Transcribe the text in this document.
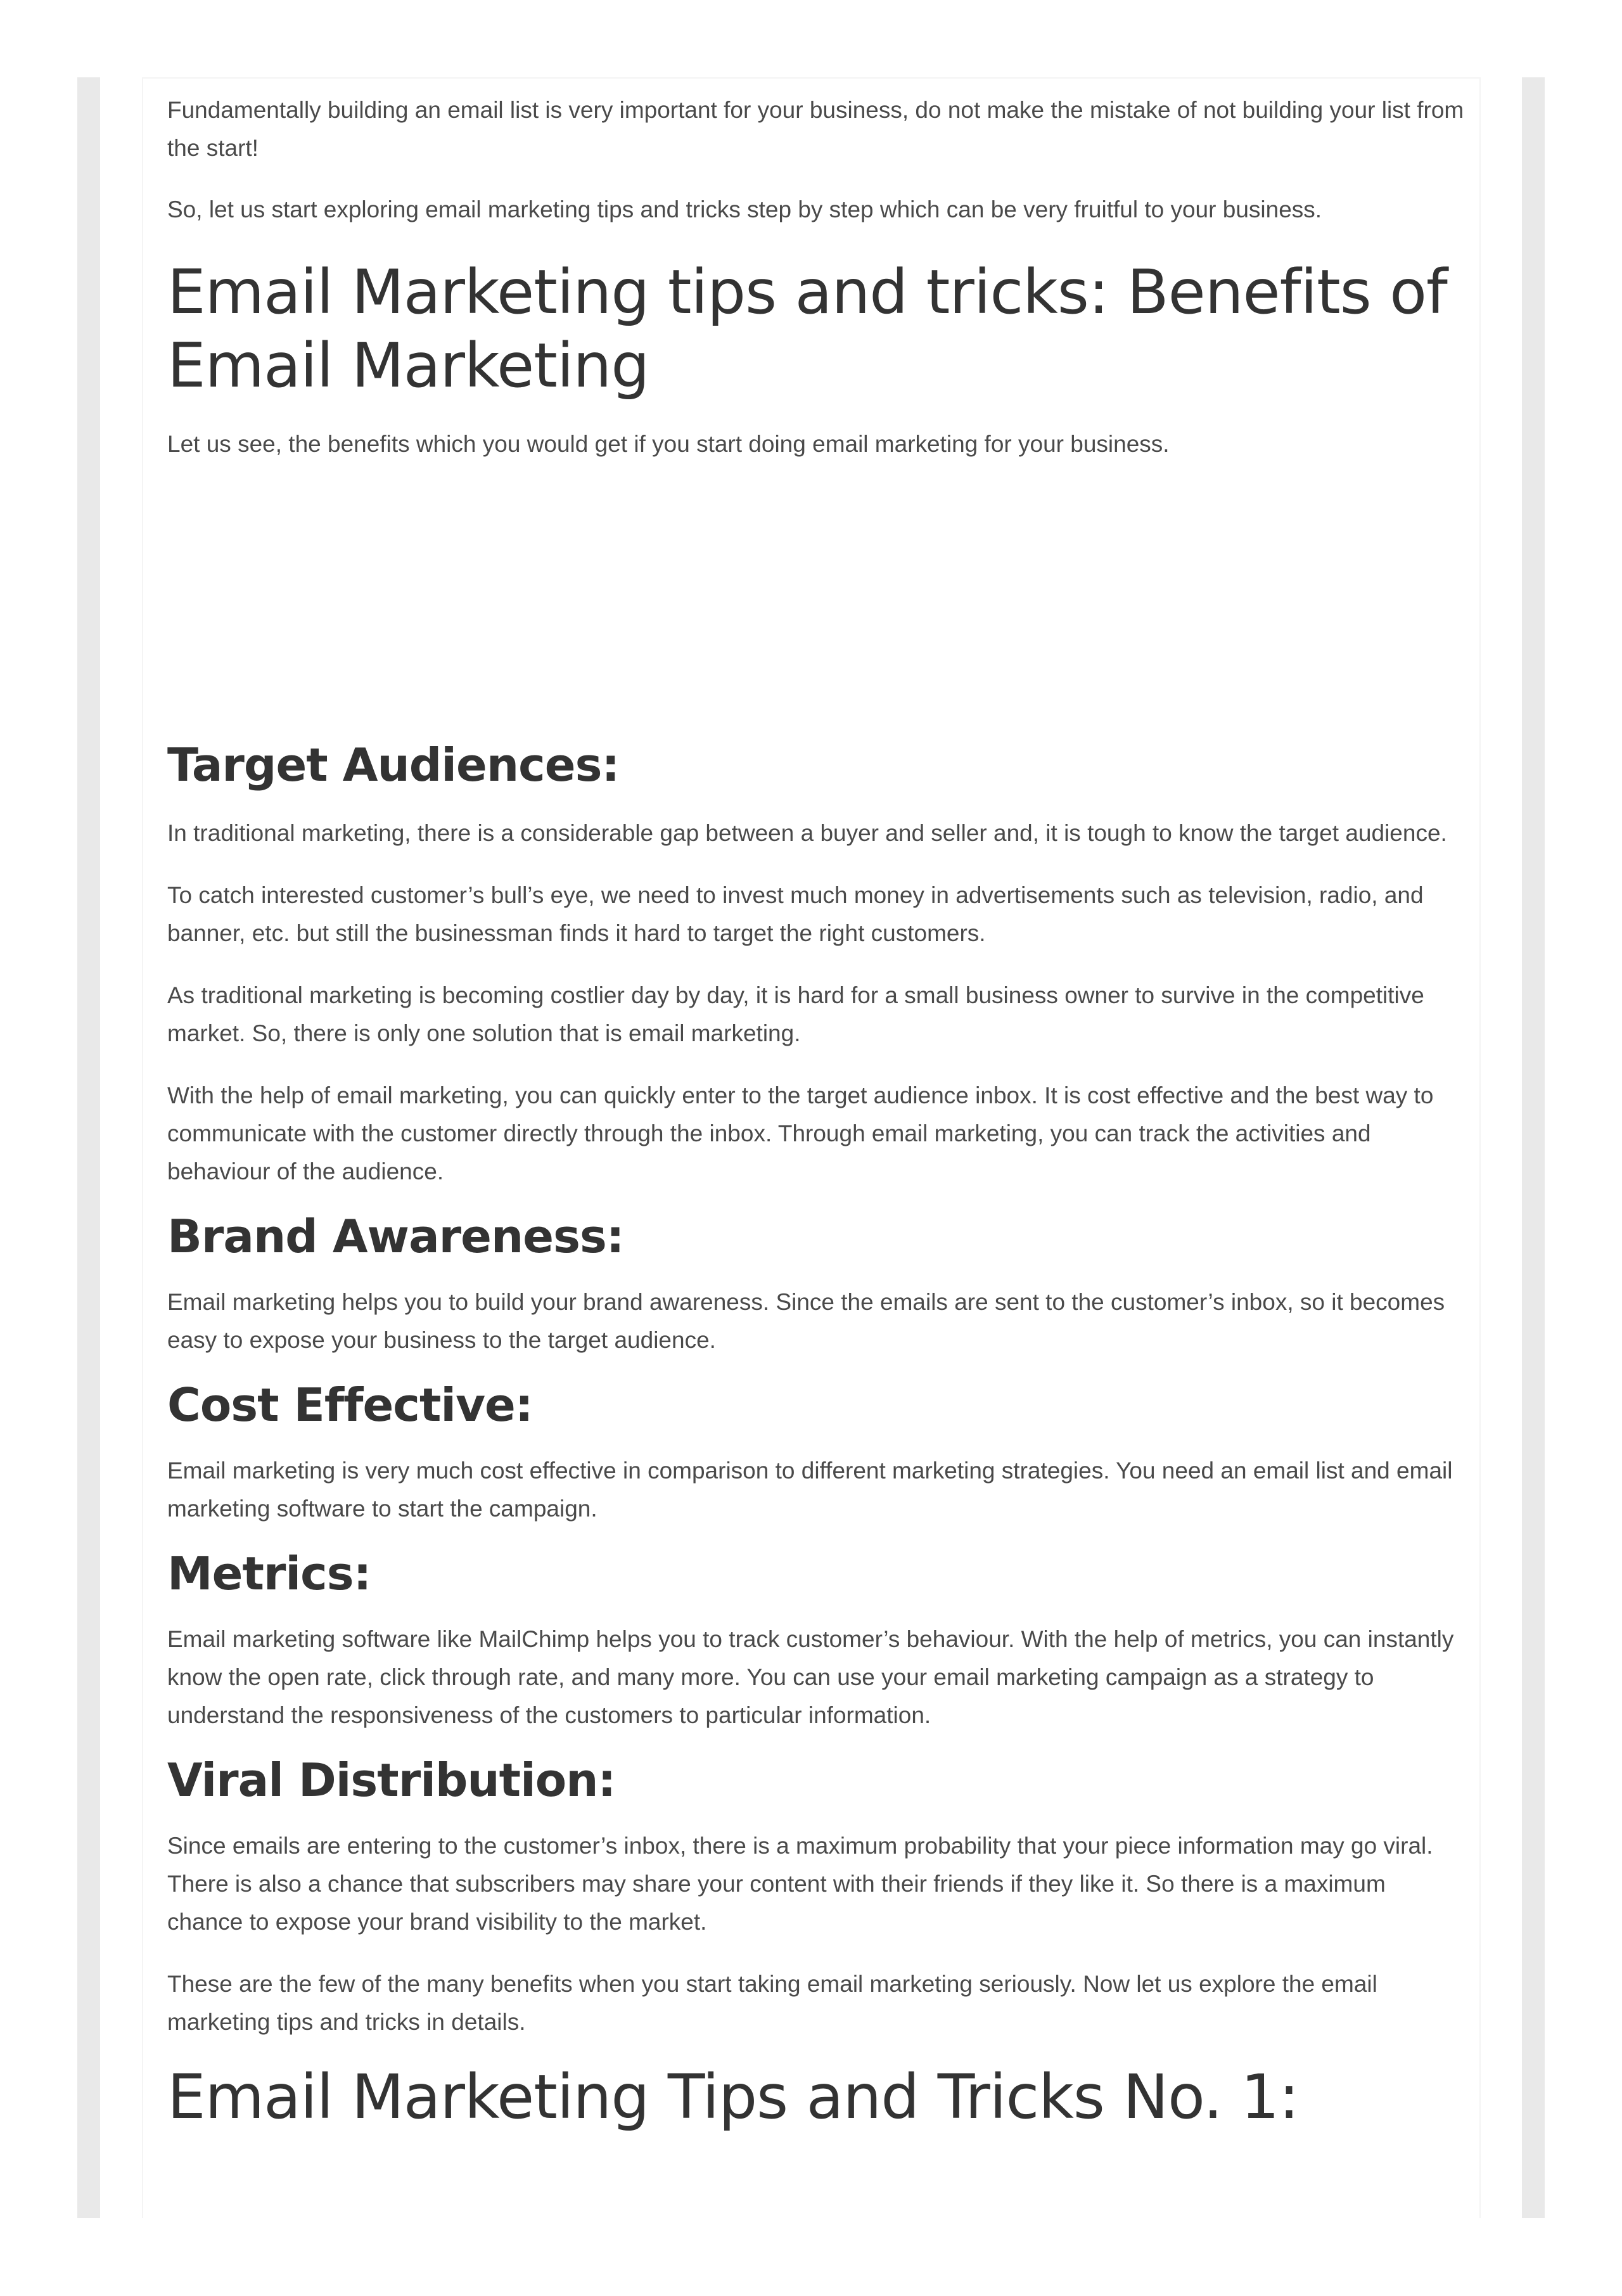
Fundamentally building an email list is very important for your business, do not make the mistake of not building your list from the start!

So, let us start exploring email marketing tips and tricks step by step which can be very fruitful to your business.

Email Marketing tips and tricks: Benefits of Email Marketing

Let us see, the benefits which you would get if you start doing email marketing for your business.

Target Audiences:

In traditional marketing, there is a considerable gap between a buyer and seller and, it is tough to know the target audience.

To catch interested customer’s bull’s eye, we need to invest much money in advertisements such as television, radio, and banner, etc. but still the businessman finds it hard to target the right customers.

As traditional marketing is becoming costlier day by day, it is hard for a small business owner to survive in the competitive market. So, there is only one solution that is email marketing.

With the help of email marketing, you can quickly enter to the target audience inbox. It is cost effective and the best way to communicate with the customer directly through the inbox. Through email marketing, you can track the activities and behaviour of the audience.

Brand Awareness:

Email marketing helps you to build your brand awareness. Since the emails are sent to the customer’s inbox, so it becomes easy to expose your business to the target audience.

Cost Effective:

Email marketing is very much cost effective in comparison to different marketing strategies. You need an email list and email marketing software to start the campaign.

Metrics:

Email marketing software like MailChimp helps you to track customer’s behaviour. With the help of metrics, you can instantly know the open rate, click through rate, and many more. You can use your email marketing campaign as a strategy to understand the responsiveness of the customers to particular information.

Viral Distribution:

Since emails are entering to the customer’s inbox, there is a maximum probability that your piece information may go viral. There is also a chance that subscribers may share your content with their friends if they like it. So there is a maximum chance to expose your brand visibility to the market.

These are the few of the many benefits when you start taking email marketing seriously. Now let us explore the email marketing tips and tricks in details.

Email Marketing Tips and Tricks No. 1:
